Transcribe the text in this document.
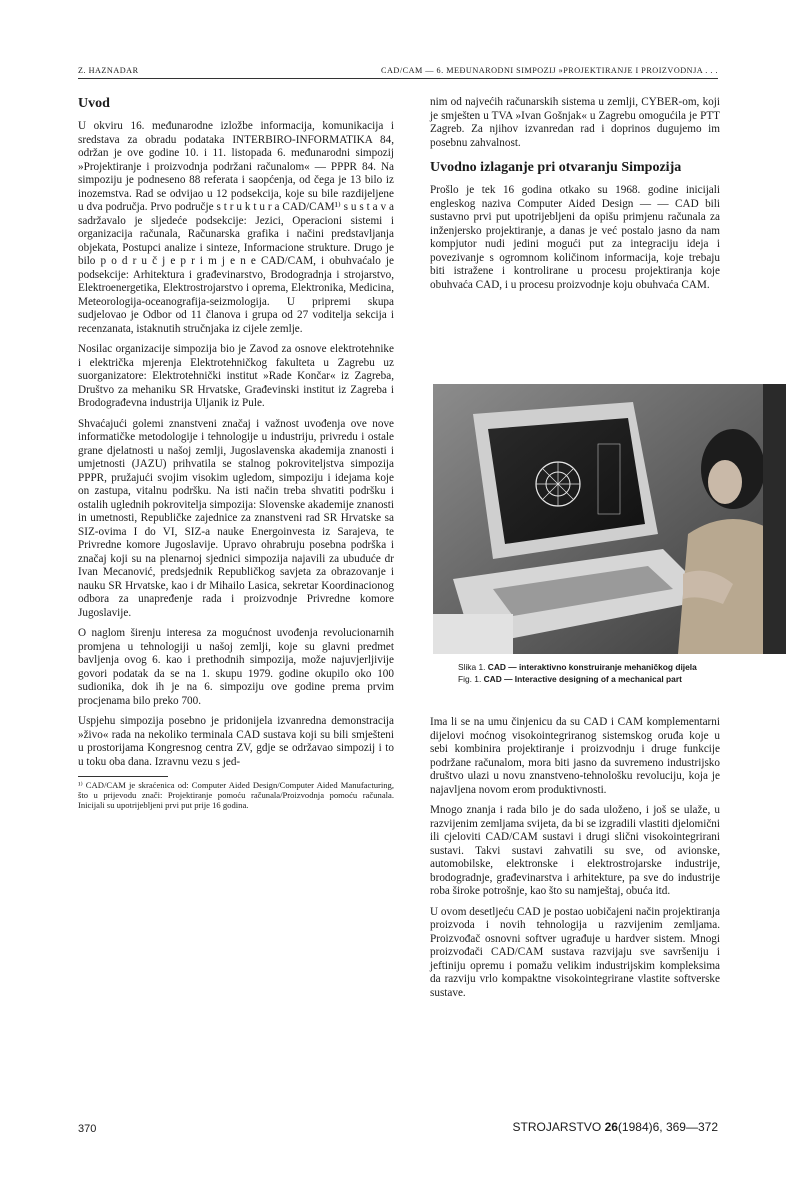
Z. HAZNADAR	CAD/CAM — 6. MEĐUNARODNI SIMPOZIJ »PROJEKTIRANJE I PROIZVODNJA . . .
Uvod

U okviru 16. međunarodne izložbe informacija, komunikacija i sredstava za obradu podataka INTERBIRO-INFORMATIKA 84, održan je ove godine 10. i 11. listopada 6. međunarodni simpozij »Projektiranje i proizvodnja podržani računalom« — PPPR 84. Na simpoziju je podneseno 88 referata i saopćenja, od čega je 13 bilo iz inozemstva. Rad se odvijao u 12 podsekcija, koje su bile razdijeljene u dva područja. Prvo područje s t r u k t u r a CAD/CAM¹⁾ s u s t a v a sadržavalo je sljedeće podsekcije: Jezici, Operacioni sistemi i organizacija računala, Računarska grafika i načini predstavljanja objekata, Postupci analize i sinteze, Informacione strukture. Drugo je bilo p o d r u č j e p r i m j e n e CAD/CAM, i obuhvaćalo je podsekcije: Arhitektura i građevinarstvo, Brodogradnja i strojarstvo, Elektroenergetika, Elektrostrojarstvo i oprema, Elektronika, Medicina, Meteorologija-oceanografija-seizmologija. U pripremi skupa sudjelovao je Odbor od 11 članova i grupa od 27 voditelja sekcija i recenzanata, istaknutih stručnjaka iz cijele zemlje.

Nosilac organizacije simpozija bio je Zavod za osnove elektrotehnike i električka mjerenja Elektrotehničkog fakulteta u Zagrebu uz suorganizatore: Elektrotehnički institut »Rade Končar« iz Zagreba, Društvo za mehaniku SR Hrvatske, Građevinski institut iz Zagreba i Brodograđevna industrija Uljanik iz Pule.

Shvaćajući golemi znanstveni značaj i važnost uvođenja ove nove informatičke metodologije i tehnologije u industriju, privredu i ostale grane djelatnosti u našoj zemlji, Jugoslavenska akademija znanosti i umjetnosti (JAZU) prihvatila se stalnog pokroviteljstva simpozija PPPR, pružajući svojim visokim ugledom, simpoziju i idejama koje on zastupa, vitalnu podršku. Na isti način treba shvatiti podršku i ostalih uglednih pokrovitelja simpozija: Slovenske akademije znanosti in umetnosti, Republičke zajednice za znanstveni rad SR Hrvatske sa SIZ-ovima I do VI, SIZ-a nauke Energoinvesta iz Sarajeva, te Privredne komore Jugoslavije. Upravo ohrabruju posebna podrška i značaj koji su na plenarnoj sjednici simpozija najavili za ubuduće dr Ivan Mecanović, predsjednik Republičkog savjeta za obrazovanje i nauku SR Hrvatske, kao i dr Mihailo Lasica, sekretar Koordinacionog odbora za unapređenje rada i proizvodnje Privredne komore Jugoslavije.

O naglom širenju interesa za mogućnost uvođenja revolucionarnih promjena u tehnologiji u našoj zemlji, koje su glavni predmet bavljenja ovog 6. kao i prethodnih simpozija, može najuvjerljivije govori podatak da se na 1. skupu 1979. godine okupilo oko 100 sudionika, dok ih je na 6. simpoziju ove godine prema prvim procjenama bilo preko 700.

Uspjehu simpozija posebno je pridonijela izvanredna demonstracija »živo« rada na nekoliko terminala CAD sustava koji su bili smješteni u prostorijama Kongresnog centra ZV, gdje se održavao simpozij i to u toku oba dana. Izravnu vezu s jed-

¹⁾ CAD/CAM je skraćenica od: Computer Aided Design/Computer Aided Manufacturing, što u prijevodu znači: Projektiranje pomoću računala/Proizvodnja pomoću računala. Inicijali su upotrijebljeni prvi put prije 16 godina.

nim od najvećih računarskih sistema u zemlji, CYBER-om, koji je smješten u TVA »Ivan Gošnjak« u Zagrebu omogućila je PTT Zagreb. Za njihov izvanredan rad i doprinos dugujemo im posebnu zahvalnost.

Uvodno izlaganje pri otvaranju Simpozija

Prošlo je tek 16 godina otkako su 1968. godine inicijali engleskog naziva Computer Aided Design — — CAD bili sustavno prvi put upotrijebljeni da opišu primjenu računala za inženjersko projektiranje, a danas je već postalo jasno da nam kompjutor nudi jedini mogući put za integraciju ideja i povezivanje s ogromnom količinom informacija, koje trebaju biti istražene i kontrolirane u procesu projektiranja koje obuhvaća CAD, i u procesu proizvodnje koju obuhvaća CAM.

Slika 1. CAD — interaktivno konstruiranje mehaničkog dijela
Fig. 1. CAD — Interactive designing of a mechanical part

Ima li se na umu činjenicu da su CAD i CAM komplementarni dijelovi moćnog visokointegriranog sistemskog oruđa koje u sebi kombinira projektiranje i proizvodnju i druge funkcije podržane računalom, mora biti jasno da suvremeno industrijsko društvo ulazi u novu znanstveno-tehnološku revoluciju, koja je najavljena novom erom produktivnosti.

Mnogo znanja i rada bilo je do sada uloženo, i još se ulaže, u razvijenim zemljama svijeta, da bi se izgradili vlastiti djelomični ili cjeloviti CAD/CAM sustavi i drugi slični visokointegrirani sustavi. Takvi sustavi zahvatili su sve, od avionske, automobilske, elektronske i elektrostrojarske industrije, brodogradnje, građevinarstva i arhitekture, pa sve do industrije roba široke potrošnje, kao što su namještaj, obuća itd.

U ovom desetljeću CAD je postao uobičajeni način projektiranja proizvoda i novih tehnologija u razvijenim zemljama. Proizvođač osnovni softver ugrađuje u hardver sistem. Mnogi proizvođači CAD/CAM sustava razvijaju sve savršeniju i jeftiniju opremu i pomažu velikim industrijskim kompleksima da razviju vrlo kompaktne visokointegrirane vlastite softverske sustave.

370	STROJARSTVO 26(1984)6, 369—372
